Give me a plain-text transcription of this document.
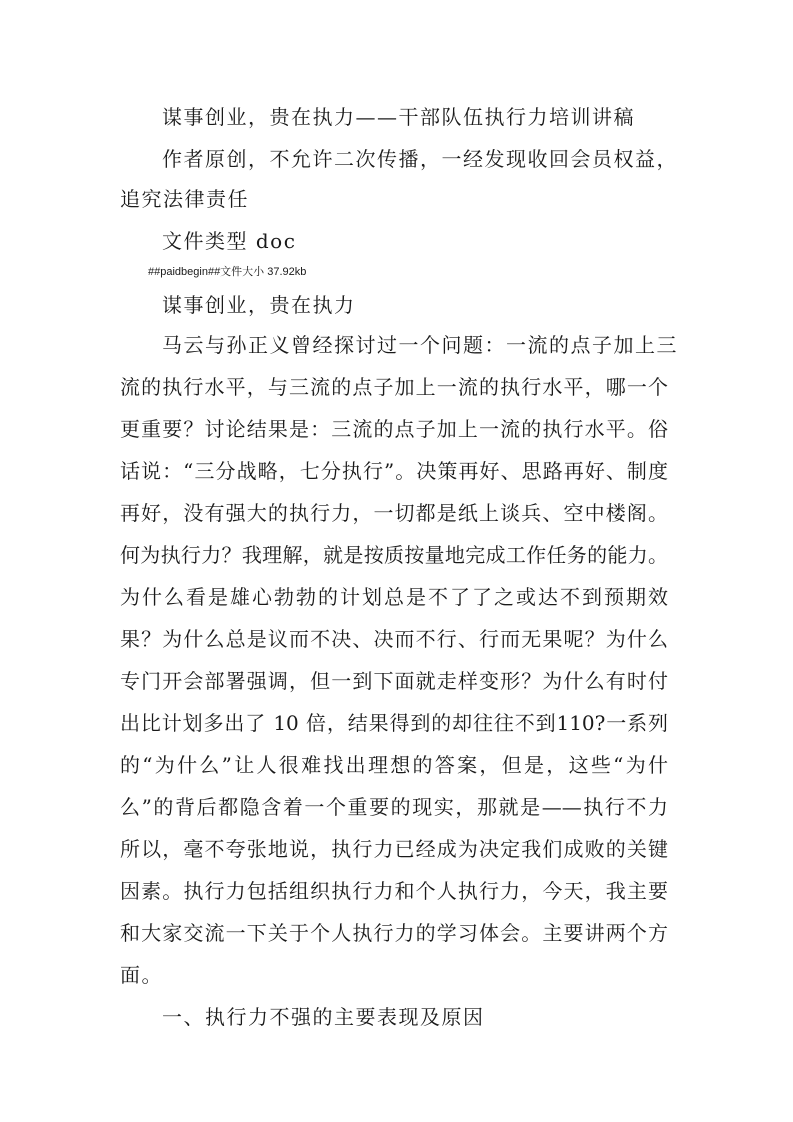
谋事创业，贵在执力——干部队伍执行力培训讲稿
作者原创，不允许二次传播，一经发现收回会员权益，
追究法律责任
文件类型 doc
##paidbegin##文件大小 37.92kb
谋事创业，贵在执力
马云与孙正义曾经探讨过一个问题：一流的点子加上三
流的执行水平，与三流的点子加上一流的执行水平，哪一个
更重要？讨论结果是：三流的点子加上一流的执行水平。俗
话说：“三分战略，七分执行”。决策再好、思路再好、制度
再好，没有强大的执行力，一切都是纸上谈兵、空中楼阁。
何为执行力？我理解，就是按质按量地完成工作任务的能力。
为什么看是雄心勃勃的计划总是不了了之或达不到预期效
果？为什么总是议而不决、决而不行、行而无果呢？为什么
专门开会部署强调，但一到下面就走样变形？为什么有时付
出比计划多出了 10 倍，结果得到的却往往不到110?一系列
的“为什么”让人很难找出理想的答案，但是，这些“为什
么”的背后都隐含着一个重要的现实，那就是——执行不力
所以，毫不夸张地说，执行力已经成为决定我们成败的关键
因素。执行力包括组织执行力和个人执行力，今天，我主要
和大家交流一下关于个人执行力的学习体会。主要讲两个方
面。
一、执行力不强的主要表现及原因
